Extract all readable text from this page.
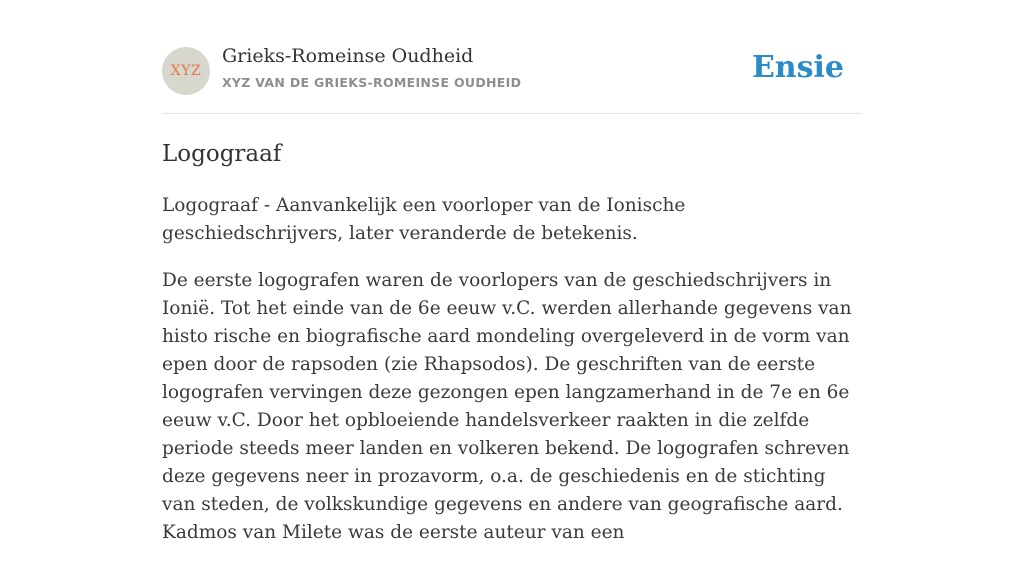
XYZ
Grieks-Romeinse Oudheid
XYZ VAN DE GRIEKS-ROMEINSE OUDHEID	Ensie
Logograaf

Logograaf - Aanvankelijk een voorloper van de Ionische geschiedschrijvers, later veranderde de betekenis.

De eerste logografen waren de voorlopers van de geschiedschrijvers in Ionië. Tot het einde van de 6e eeuw v.C. werden allerhande gegevens van histo rische en biografische aard mondeling overgeleverd in de vorm van epen door de rapsoden (zie Rhapsodos). De geschriften van de eerste logografen vervingen deze gezongen epen langzamerhand in de 7e en 6e eeuw v.C. Door het opbloeiende handelsverkeer raakten in die zelfde periode steeds meer landen en volkeren bekend. De logografen schreven deze gegevens neer in prozavorm, o.a. de geschiedenis en de stichting van steden, de volkskundige gegevens en andere van geografische aard. Kadmos van Milete was de eerste auteur van een
